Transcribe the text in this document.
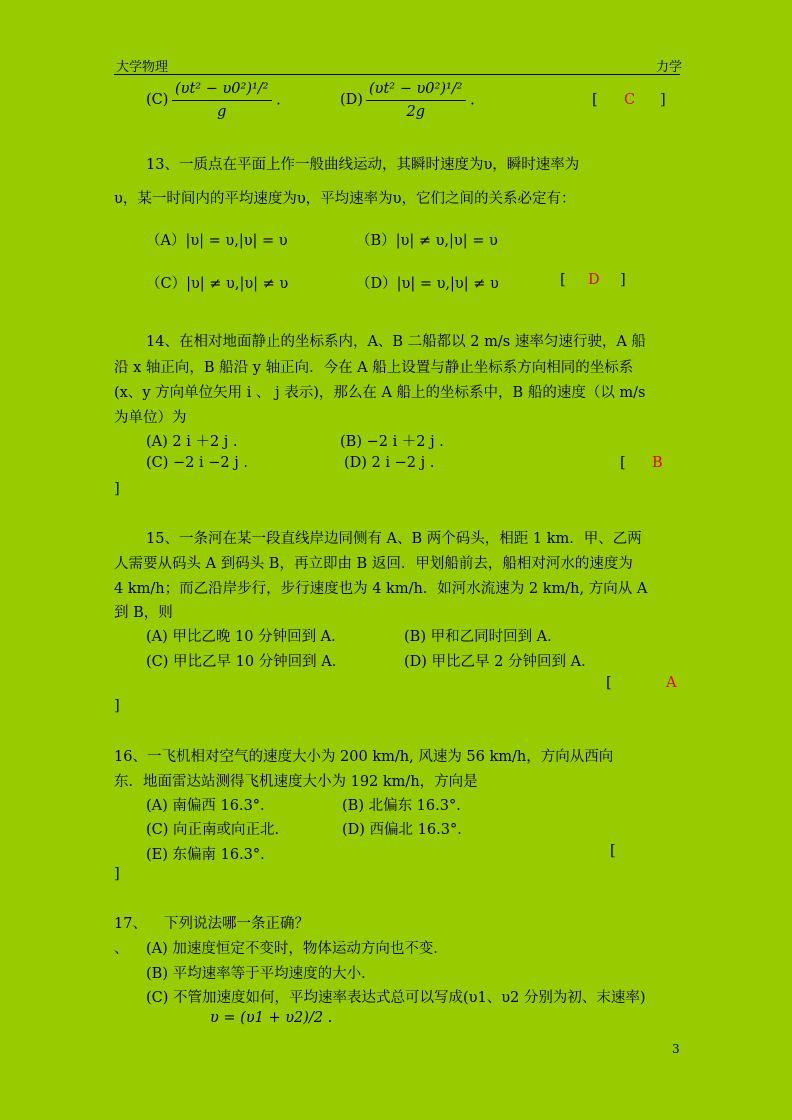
大学物理	力学
$(C) \frac{\text{(υt² − υ0²)¹/²}}{g}$ .	$(D) \frac{\text{(υt² − υ0²)¹/²}}{2g}$ .	[ C ]
13、一质点在平面上作一般曲线运动，其瞬时速度为υ，瞬时速率为
υ，某一时间内的平均速度为υ，平均速率为υ，它们之间的关系必定有：
（A）|υ| = υ,|υ| = υ	（B）|υ| ≠ υ,|υ| = υ
（C）|υ| ≠ υ,|υ| ≠ υ	（D）|υ| = υ,|υ| ≠ υ	[ D ]
14、在相对地面静止的坐标系内，A、B 二船都以 2 m/s 速率匀速行驶，A 船
沿 x 轴正向，B 船沿 y 轴正向．今在 A 船上设置与静止坐标系方向相同的坐标系
(x、y 方向单位矢用 i 、 j 表示)，那么在 A 船上的坐标系中，B 船的速度（以 m/s
为单位）为
(A) 2 i ＋2 j .	(B) −2 i ＋2 j .
(C) −2 i −2 j .	(D) 2 i −2 j .	[ B
]
15、一条河在某一段直线岸边同侧有 A、B 两个码头，相距 1 km．甲、乙两
人需要从码头 A 到码头 B，再立即由 B 返回．甲划船前去，船相对河水的速度为
4 km/h；而乙沿岸步行，步行速度也为 4 km/h．如河水流速为 2 km/h, 方向从 A
到 B，则
(A) 甲比乙晚 10 分钟回到 A．	(B) 甲和乙同时回到 A．
(C) 甲比乙早 10 分钟回到 A．	(D) 甲比乙早 2 分钟回到 A．
[	A
]
16、一飞机相对空气的速度大小为 200 km/h, 风速为 56 km/h，方向从西向
东．地面雷达站测得飞机速度大小为 192 km/h，方向是
(A) 南偏西 16.3°．	(B) 北偏东 16.3°．
(C) 向正南或向正北．	(D) 西偏北 16.3°．
(E) 东偏南 16.3°．	[
]
17、 下列说法哪一条正确？
、 (A) 加速度恒定不变时，物体运动方向也不变．
(B) 平均速率等于平均速度的大小．
(C) 不管加速度如何，平均速率表达式总可以写成(υ1、υ2 分别为初、末速率)
υ = (υ1 + υ2)/2 .
3
